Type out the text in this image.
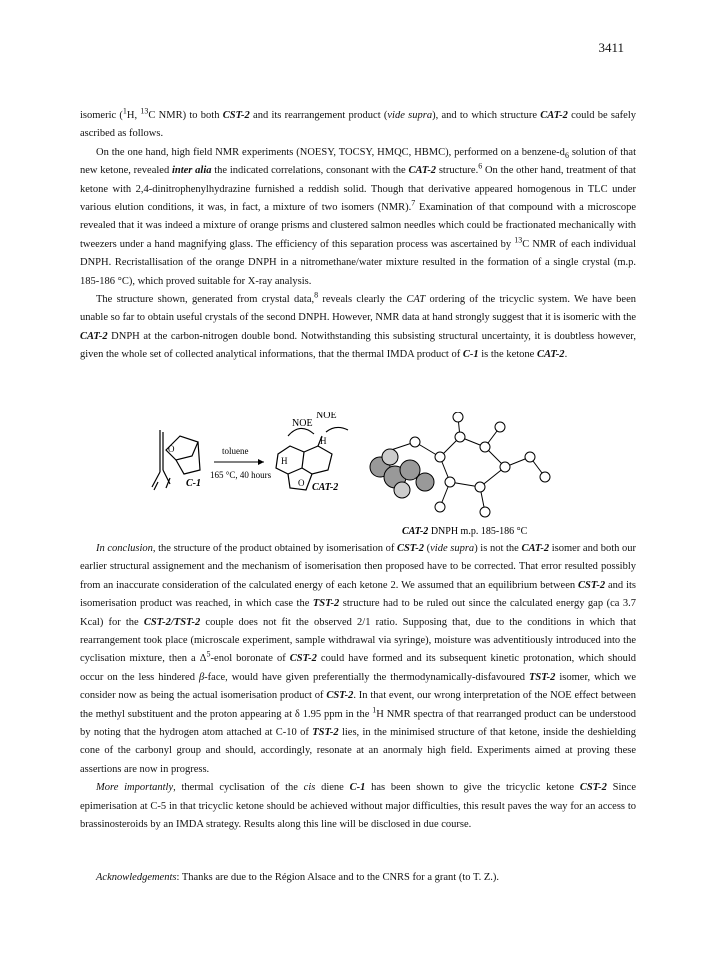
3411

isomeric ($^1$H, $^{13}$C NMR) to both CST-2 and its rearrangement product (vide supra), and to which structure CAT-2 could be safely ascribed as follows.

On the one hand, high field NMR experiments (NOESY, TOCSY, HMQC, HBMC), performed on a benzene-$d_6$ solution of that new ketone, revealed inter alia the indicated correlations, consonant with the CAT-2 structure.$^6$ On the other hand, treatment of that ketone with 2,4-dinitrophenylhydrazine furnished a reddish solid. Though that derivative appeared homogenous in TLC under various elution conditions, it was, in fact, a mixture of two isomers (NMR).$^7$ Examination of that compound with a microscope revealed that it was indeed a mixture of orange prisms and clustered salmon needles which could be fractionated mechanically with tweezers under a hand magnifying glass. The efficiency of this separation process was ascertained by $^{13}$C NMR of each individual DNPH. Recristallisation of the orange DNPH in a nitromethane/water mixture resulted in the formation of a single crystal (m.p. 185-186 °C), which proved suitable for X-ray analysis.

The structure shown, generated from crystal data,$^8$ reveals clearly the CAT ordering of the tricyclic system. We have been unable so far to obtain useful crystals of the second DNPH. However, NMR data at hand strongly suggest that it is isomeric with the CAT-2 DNPH at the carbon-nitrogen double bond. Notwithstanding this subsisting structural uncertainty, it is doubtless however, given the whole set of collected analytical informations, that the thermal IMDA product of C-1 is the ketone CAT-2.

O
C-1
toluene
165 °C, 40 hours
NOE
NOE
H
H
O CAT-2
CAT-2 DNPH m.p. 185-186 °C

In conclusion, the structure of the product obtained by isomerisation of CST-2 (vide supra) is not the CAT-2 isomer and both our earlier structural assignement and the mechanism of isomerisation then proposed have to be corrected. That error resulted possibly from an inaccurate consideration of the calculated energy of each ketone 2. We assumed that an equilibrium between CST-2 and its isomerisation product was reached, in which case the TST-2 structure had to be ruled out since the calculated energy gap (ca 3.7 Kcal) for the CST-2/TST-2 couple does not fit the observed 2/1 ratio. Supposing that, due to the conditions in which that rearrangement took place (microscale experiment, sample withdrawal via syringe), moisture was adventitiously introduced into the cyclisation mixture, then a $\Delta^5$-enol boronate of CST-2 could have formed and its subsequent kinetic protonation, which should occur on the less hindered β-face, would have given preferentially the thermodynamically-disfavoured TST-2 isomer, which we consider now as being the actual isomerisation product of CST-2. In that event, our wrong interpretation of the NOE effect between the methyl substituent and the proton appearing at δ 1.95 ppm in the $^1$H NMR spectra of that rearranged product can be understood by noting that the hydrogen atom attached at C-10 of TST-2 lies, in the minimised structure of that ketone, inside the deshielding cone of the carbonyl group and should, accordingly, resonate at an anormaly high field. Experiments aimed at proving these assertions are now in progress.

More importantly, thermal cyclisation of the cis diene C-1 has been shown to give the tricyclic ketone CST-2 Since epimerisation at C-5 in that tricyclic ketone should be achieved without major difficulties, this result paves the way for an access to brassinosteroids by an IMDA strategy. Results along this line will be disclosed in due course.

Acknowledgements: Thanks are due to the Région Alsace and to the CNRS for a grant (to T. Z.).
